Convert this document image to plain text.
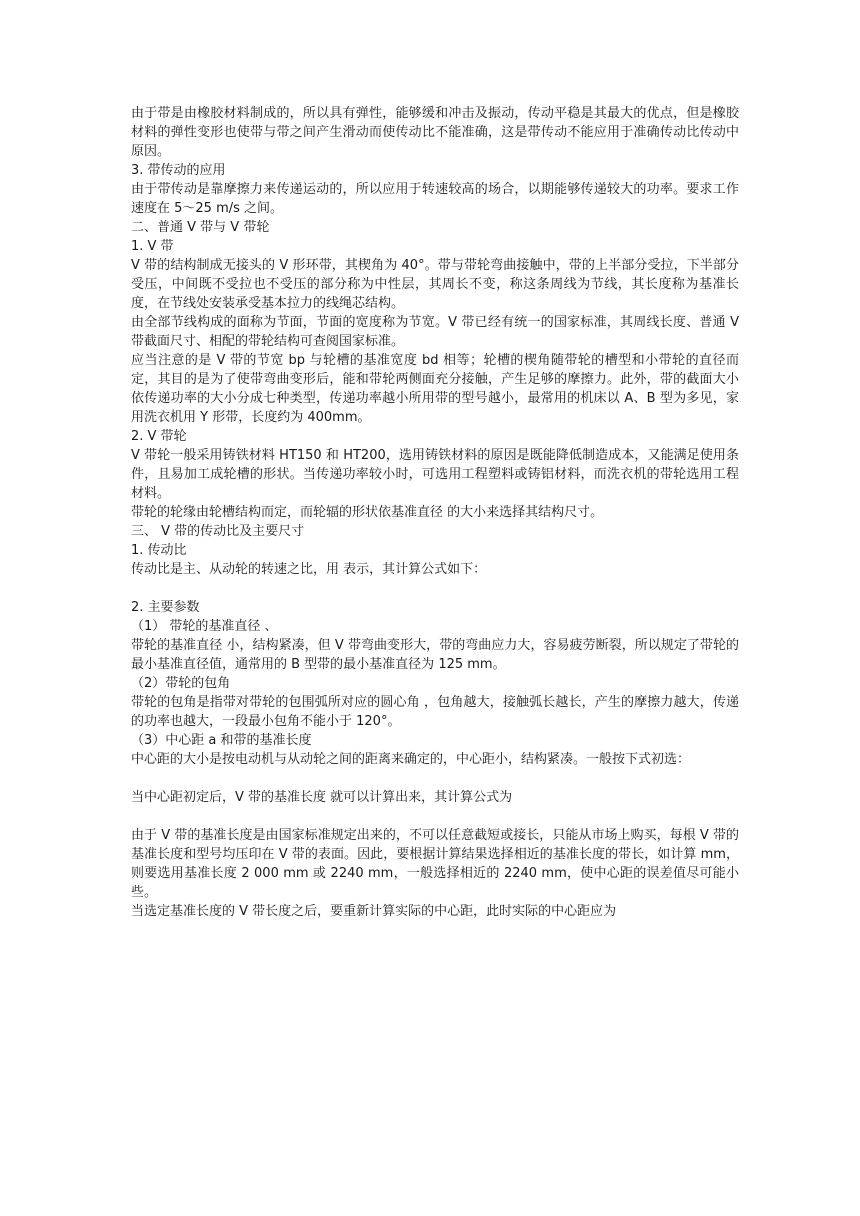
由于带是由橡胶材料制成的，所以具有弹性，能够缓和冲击及振动，传动平稳是其最大的优点，但是橡胶材料的弹性变形也使带与带之间产生滑动而使传动比不能准确，这是带传动不能应用于准确传动比传动中原因。

3. 带传动的应用

由于带传动是靠摩擦力来传递运动的，所以应用于转速较高的场合，以期能够传递较大的功率。要求工作速度在 5～25 m/s 之间。

二、普通 V 带与 V 带轮

1. V 带

V 带的结构制成无接头的 V 形环带，其楔角为 40°。带与带轮弯曲接触中，带的上半部分受拉，下半部分受压，中间既不受拉也不受压的部分称为中性层，其周长不变，称这条周线为节线，其长度称为基准长度，在节线处安装承受基本拉力的线绳芯结构。

由全部节线构成的面称为节面，节面的宽度称为节宽。V 带已经有统一的国家标准，其周线长度、普通 V 带截面尺寸、相配的带轮结构可查阅国家标准。

应当注意的是 V 带的节宽 bp 与轮槽的基准宽度 bd 相等；轮槽的楔角随带轮的槽型和小带轮的直径而定，其目的是为了使带弯曲变形后，能和带轮两侧面充分接触，产生足够的摩擦力。此外，带的截面大小依传递功率的大小分成七种类型，传递功率越小所用带的型号越小，最常用的机床以 A、B 型为多见，家用洗衣机用 Y 形带，长度约为 400mm。

2. V 带轮

V 带轮一般采用铸铁材料 HT150 和 HT200，选用铸铁材料的原因是既能降低制造成本，又能满足使用条件，且易加工成轮槽的形状。当传递功率较小时，可选用工程塑料或铸铝材料，而洗衣机的带轮选用工程材料。

带轮的轮缘由轮槽结构而定，而轮辐的形状依基准直径 的大小来选择其结构尺寸。

三、 V 带的传动比及主要尺寸

1. 传动比

传动比是主、从动轮的转速之比，用 表示，其计算公式如下：

2. 主要参数

（1） 带轮的基准直径 、

带轮的基准直径 小，结构紧凑，但 V 带弯曲变形大，带的弯曲应力大，容易疲劳断裂，所以规定了带轮的最小基准直径值，通常用的 B 型带的最小基准直径为 125 mm。

（2）带轮的包角

带轮的包角是指带对带轮的包围弧所对应的圆心角 ，包角越大，接触弧长越长，产生的摩擦力越大，传递的功率也越大，一段最小包角不能小于 120°。

（3）中心距 a 和带的基准长度

中心距的大小是按电动机与从动轮之间的距离来确定的，中心距小，结构紧凑。一般按下式初选：

当中心距初定后，V 带的基准长度 就可以计算出来，其计算公式为

由于 V 带的基准长度是由国家标准规定出来的，不可以任意截短或接长，只能从市场上购买，每根 V 带的基准长度和型号均压印在 V 带的表面。因此，要根据计算结果选择相近的基准长度的带长，如计算 mm，则要选用基准长度 2 000 mm 或 2240 mm，一般选择相近的 2240 mm，使中心距的误差值尽可能小些。

当选定基准长度的 V 带长度之后，要重新计算实际的中心距，此时实际的中心距应为
